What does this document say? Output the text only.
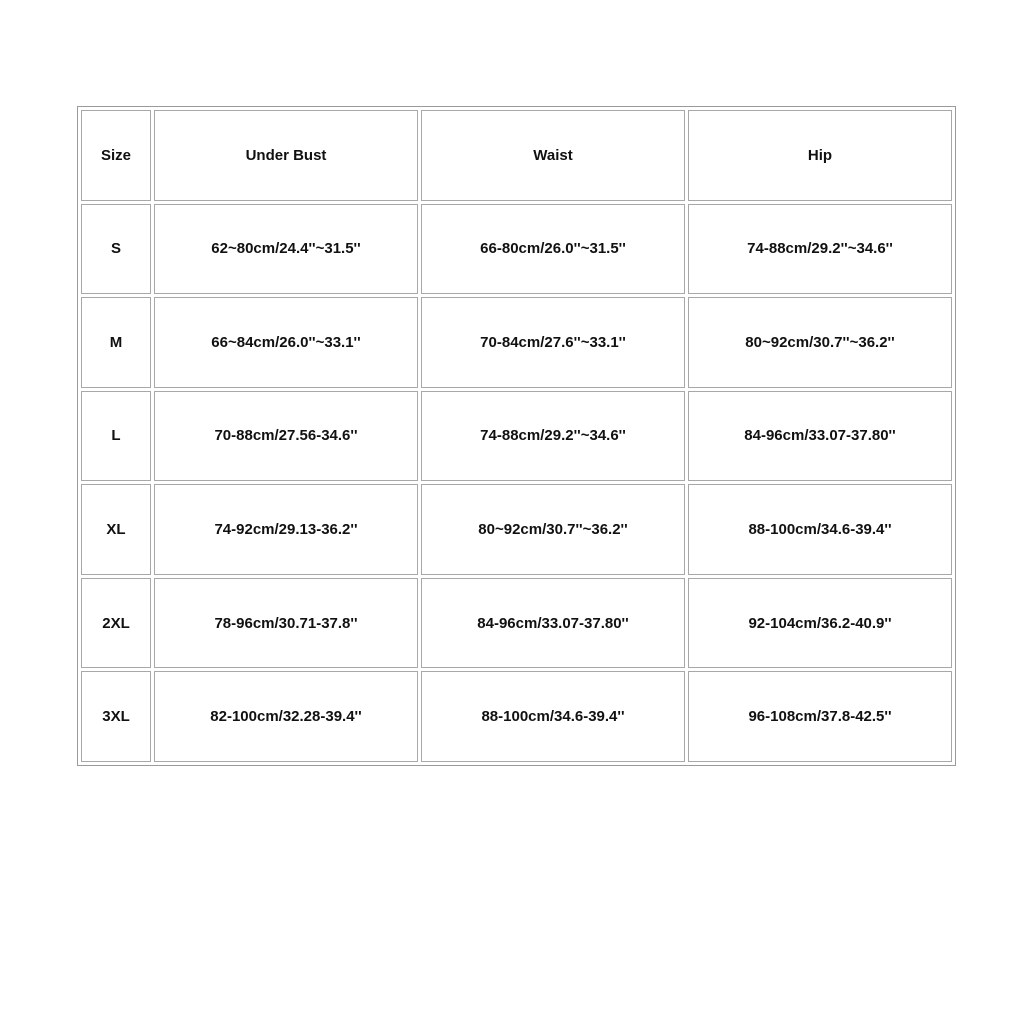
Size	Under Bust	Waist	Hip
S	62~80cm/24.4''~31.5''	66-80cm/26.0''~31.5''	74-88cm/29.2''~34.6''
M	66~84cm/26.0''~33.1''	70-84cm/27.6''~33.1''	80~92cm/30.7''~36.2''
L	70-88cm/27.56-34.6''	74-88cm/29.2''~34.6''	84-96cm/33.07-37.80''
XL	74-92cm/29.13-36.2''	80~92cm/30.7''~36.2''	88-100cm/34.6-39.4''
2XL	78-96cm/30.71-37.8''	84-96cm/33.07-37.80''	92-104cm/36.2-40.9''
3XL	82-100cm/32.28-39.4''	88-100cm/34.6-39.4''	96-108cm/37.8-42.5''
